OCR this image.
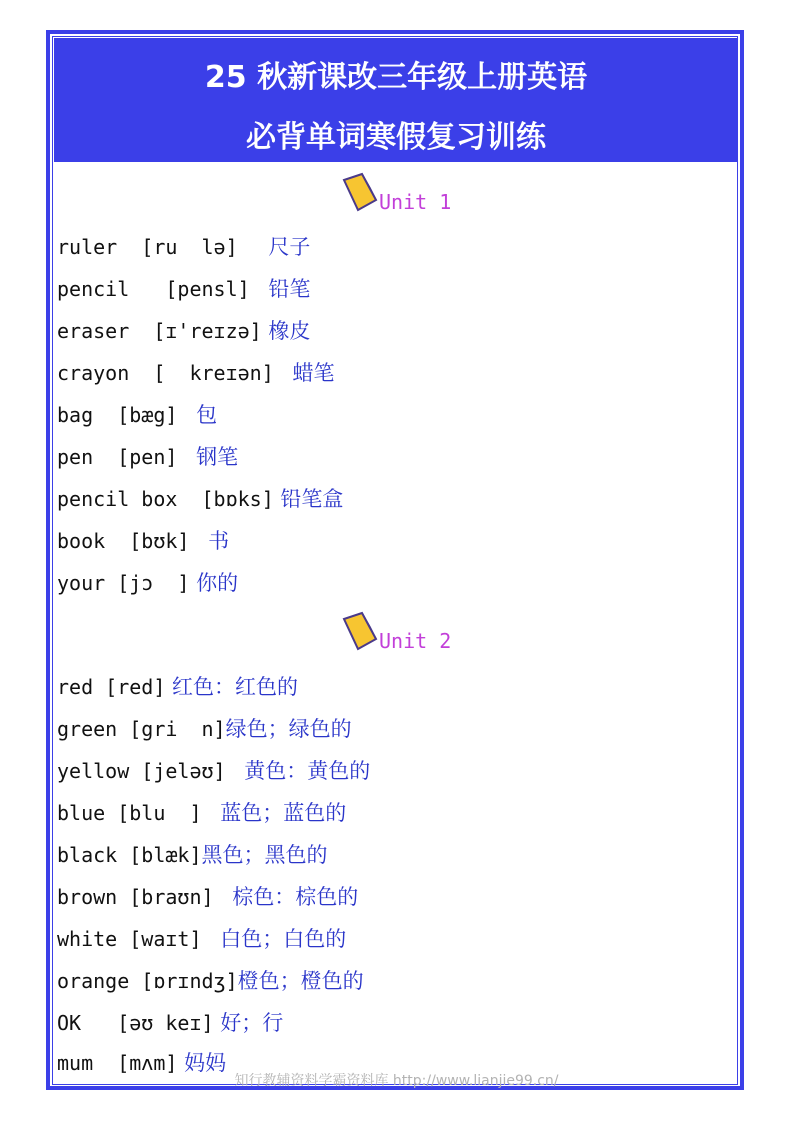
25 秋新课改三年级上册英语
必背单词寒假复习训练
Unit 1
ruler  [ru  lə]   尺子
pencil   [pensl]  铅笔
eraser  [ɪ'reɪzə] 橡皮
crayon  [  kreɪən]  蜡笔
bag  [bæg]  包
pen  [pen]  钢笔
pencil box  [bɒks] 铅笔盒
book  [bʊk]  书
your [jɔ  ] 你的
Unit 2
red [red] 红色：红色的
green [gri  n]绿色；绿色的
yellow [jeləʊ]  黄色：黄色的
blue [blu  ]  蓝色；蓝色的
black [blæk]黑色；黑色的
brown [braʊn]  棕色：棕色的
white [waɪt]  白色；白色的
orange [ɒrɪndʒ]橙色；橙色的
OK   [əʊ keɪ] 好；行
mum  [mʌm] 妈妈
知行教辅资料学霸资料库 http://www.lianjie99.cn/
